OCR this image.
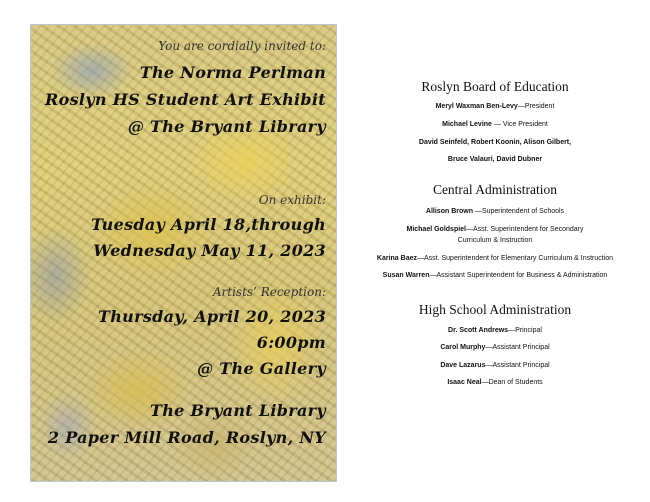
You are cordially invited to:

The Norma Perlman

Roslyn HS Student Art Exhibit

@ The Bryant Library

On exhibit:

Tuesday April 18,through

Wednesday May 11, 2023

Artists’ Reception:

Thursday, April 20, 2023

6:00pm

@ The Gallery

The Bryant Library

2 Paper Mill Road, Roslyn, NY

Roslyn Board of Education

Meryl Waxman Ben-Levy—President

Michael Levine — Vice President

David Seinfeld, Robert Koonin, Alison Gilbert,

Bruce Valauri, David Dubner

Central Administration

Allison Brown —Superintendent of Schools

Michael Goldspiel—Asst. Superintendent for Secondary
Curriculum & Instruction

Karina Baez—Asst. Superintendent for Elementary Curriculum & Instruction

Susan Warren—Assistant Superintendent for Business & Administration

High School Administration

Dr. Scott Andrews—Principal

Carol Murphy—Assistant Principal

Dave Lazarus—Assistant Principal

Isaac Neal—Dean of Students
